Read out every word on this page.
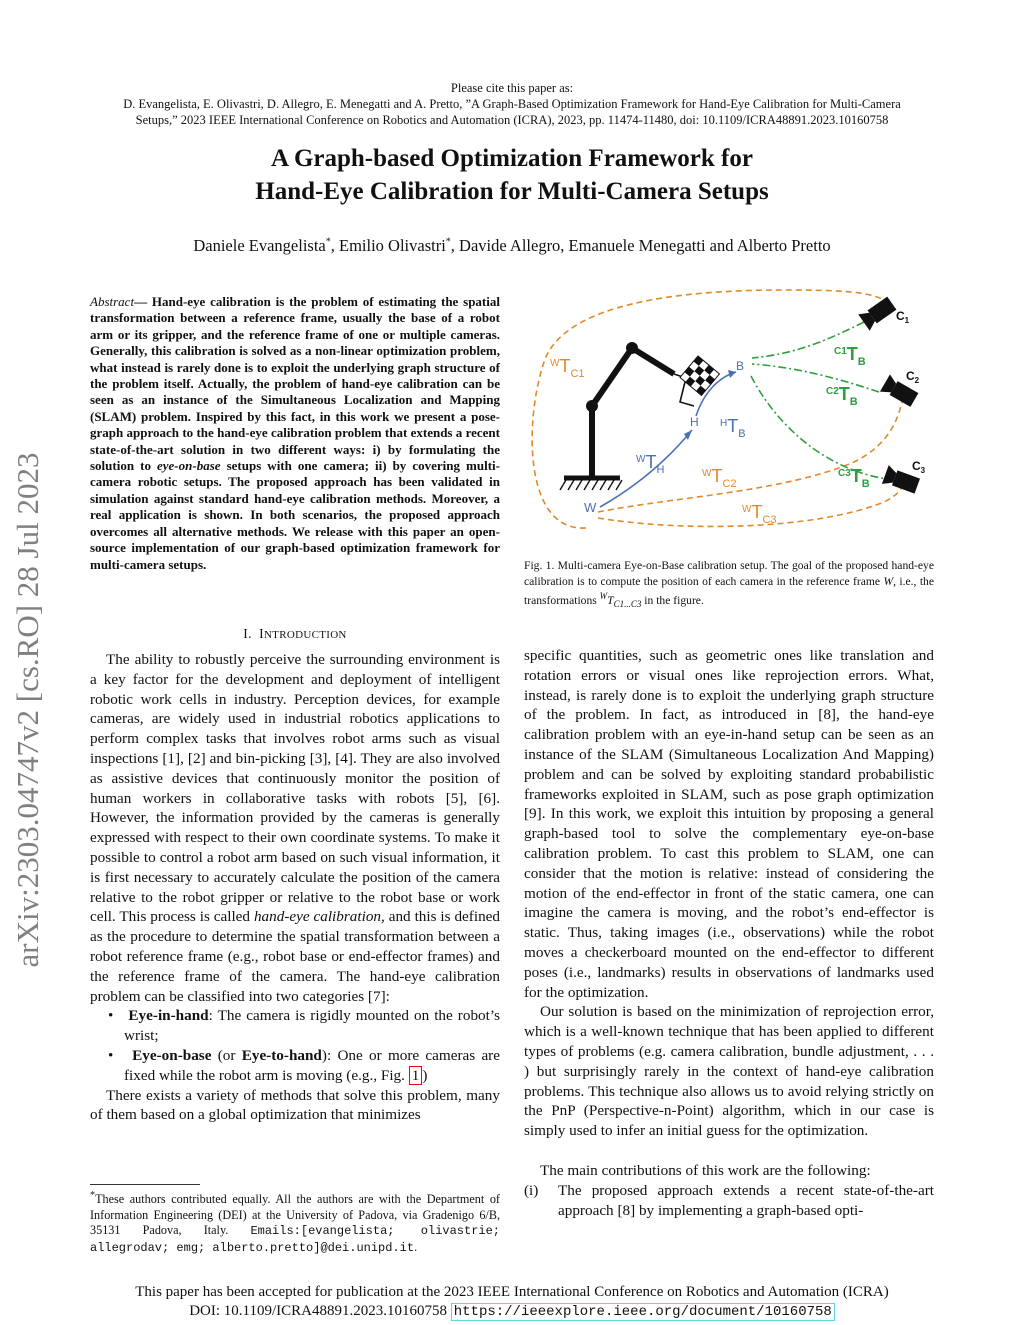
Please cite this paper as:
D. Evangelista, E. Olivastri, D. Allegro, E. Menegatti and A. Pretto, ”A Graph-Based Optimization Framework for Hand-Eye Calibration for Multi-Camera
Setups,” 2023 IEEE International Conference on Robotics and Automation (ICRA), 2023, pp. 11474-11480, doi: 10.1109/ICRA48891.2023.10160758
A Graph-based Optimization Framework for
Hand-Eye Calibration for Multi-Camera Setups
Daniele Evangelista*, Emilio Olivastri*, Davide Allegro, Emanuele Menegatti and Alberto Pretto
arXiv:2303.04747v2 [cs.RO] 28 Jul 2023
Abstract— Hand-eye calibration is the problem of estimating the spatial transformation between a reference frame, usually the base of a robot arm or its gripper, and the reference frame of one or multiple cameras. Generally, this calibration is solved as a non-linear optimization problem, what instead is rarely done is to exploit the underlying graph structure of the problem itself. Actually, the problem of hand-eye calibration can be seen as an instance of the Simultaneous Localization and Mapping (SLAM) problem. Inspired by this fact, in this work we present a pose-graph approach to the hand-eye calibration problem that extends a recent state-of-the-art solution in two different ways: i) by formulating the solution to eye-on-base setups with one camera; ii) by covering multi-camera robotic setups. The proposed approach has been validated in simulation against standard hand-eye calibration methods. Moreover, a real application is shown. In both scenarios, the proposed approach overcomes all alternative methods. We release with this paper an open-source implementation of our graph-based optimization framework for multi-camera setups.
I. INTRODUCTION

The ability to robustly perceive the surrounding environment is a key factor for the development and deployment of intelligent robotic work cells in industry. Perception devices, for example cameras, are widely used in industrial robotics applications to perform complex tasks that involves robot arms such as visual inspections [1], [2] and bin-picking [3], [4]. They are also involved as assistive devices that continuously monitor the position of human workers in collaborative tasks with robots [5], [6]. However, the information provided by the cameras is generally expressed with respect to their own coordinate systems. To make it possible to control a robot arm based on such visual information, it is first necessary to accurately calculate the position of the camera relative to the robot gripper or relative to the robot base or work cell. This process is called hand-eye calibration, and this is defined as the procedure to determine the spatial transformation between a robot reference frame (e.g., robot base or end-effector frames) and the reference frame of the camera. The hand-eye calibration problem can be classified into two categories [7]:

•   Eye-in-hand: The camera is rigidly mounted on the robot’s wrist;

•   Eye-on-base (or Eye-to-hand): One or more cameras are fixed while the robot arm is moving (e.g., Fig. 1 )

There exists a variety of methods that solve this problem, many of them based on a global optimization that minimizes

*These authors contributed equally. All the authors are with the Department of Information Engineering (DEI) at the University of Padova, via Gradenigo 6/B, 35131 Padova, Italy. Emails:[evangelista; olivastrie; allegrodav; emg; alberto.pretto]@dei.unipd.it.
W
H
B
$C_1$
$C_2$
$C_3$
$^WT_{C1}$
$^WT_{C2}$
$^WT_{C3}$
$^WT_H$
$^HT_B$
$^C1T_B$
$^C2T_B$
$^C3T_B$
Fig. 1. Multi-camera Eye-on-Base calibration setup. The goal of the proposed hand-eye calibration is to compute the position of each camera in the reference frame W, i.e., the transformations $^WT_{C1...C3}$ in the figure.

specific quantities, such as geometric ones like translation and rotation errors or visual ones like reprojection errors. What, instead, is rarely done is to exploit the underlying graph structure of the problem. In fact, as introduced in [8], the hand-eye calibration problem with an eye-in-hand setup can be seen as an instance of the SLAM (Simultaneous Localization And Mapping) problem and can be solved by exploiting standard probabilistic frameworks exploited in SLAM, such as pose graph optimization [9]. In this work, we exploit this intuition by proposing a general graph-based tool to solve the complementary eye-on-base calibration problem. To cast this problem to SLAM, one can consider that the motion is relative: instead of considering the motion of the end-effector in front of the static camera, one can imagine the camera is moving, and the robot’s end-effector is static. Thus, taking images (i.e., observations) while the robot moves a checkerboard mounted on the end-effector to different poses (i.e., landmarks) results in observations of landmarks used for the optimization.

Our solution is based on the minimization of reprojection error, which is a well-known technique that has been applied to different types of problems (e.g. camera calibration, bundle adjustment, . . . ) but surprisingly rarely in the context of hand-eye calibration problems. This technique also allows us to avoid relying strictly on the PnP (Perspective-n-Point) algorithm, which in our case is simply used to infer an initial guess for the optimization.

The main contributions of this work are the following:

(i) The proposed approach extends a recent state-of-the-art approach [8] by implementing a graph-based opti-

This paper has been accepted for publication at the 2023 IEEE International Conference on Robotics and Automation (ICRA)
DOI: 10.1109/ICRA48891.2023.10160758 https://ieeexplore.ieee.org/document/10160758
